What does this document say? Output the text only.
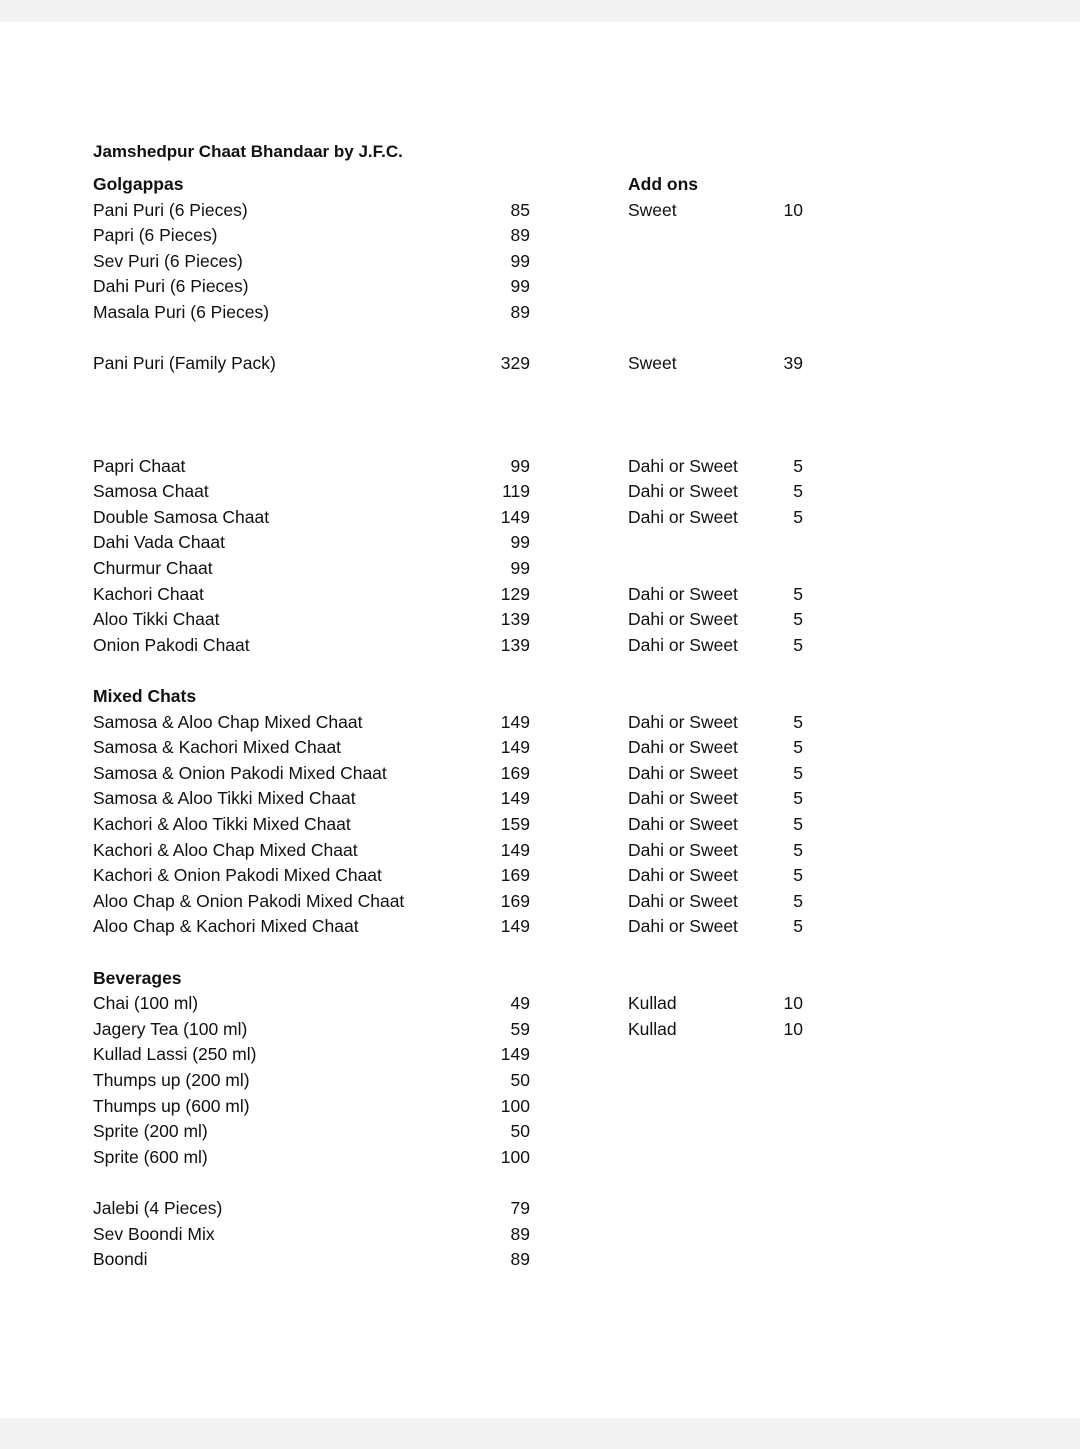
Jamshedpur Chaat Bhandaar by J.F.C.
Golgappas	Add ons
Pani Puri (6 Pieces)	85	Sweet	10
Papri (6 Pieces)	89
Sev Puri (6 Pieces)	99
Dahi Puri (6 Pieces)	99
Masala Puri (6 Pieces)	89
Pani Puri (Family Pack)	329	Sweet	39
Papri Chaat	99	Dahi or Sweet	5
Samosa Chaat	119	Dahi or Sweet	5
Double Samosa Chaat	149	Dahi or Sweet	5
Dahi Vada Chaat	99
Churmur Chaat	99
Kachori Chaat	129	Dahi or Sweet	5
Aloo Tikki Chaat	139	Dahi or Sweet	5
Onion Pakodi Chaat	139	Dahi or Sweet	5
Mixed Chats
Samosa & Aloo Chap Mixed Chaat	149	Dahi or Sweet	5
Samosa & Kachori Mixed Chaat	149	Dahi or Sweet	5
Samosa & Onion Pakodi Mixed Chaat	169	Dahi or Sweet	5
Samosa & Aloo Tikki Mixed Chaat	149	Dahi or Sweet	5
Kachori & Aloo Tikki Mixed Chaat	159	Dahi or Sweet	5
Kachori & Aloo Chap Mixed Chaat	149	Dahi or Sweet	5
Kachori & Onion Pakodi Mixed Chaat	169	Dahi or Sweet	5
Aloo Chap & Onion Pakodi Mixed Chaat	169	Dahi or Sweet	5
Aloo Chap & Kachori Mixed Chaat	149	Dahi or Sweet	5
Beverages
Chai (100 ml)	49	Kullad	10
Jagery Tea (100 ml)	59	Kullad	10
Kullad Lassi (250 ml)	149
Thumps up (200 ml)	50
Thumps up (600 ml)	100
Sprite (200 ml)	50
Sprite (600 ml)	100
Jalebi (4 Pieces)	79
Sev Boondi Mix	89
Boondi	89
